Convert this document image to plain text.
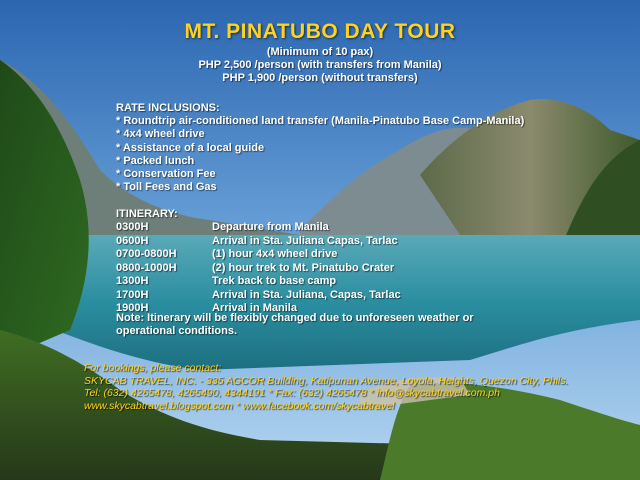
MT. PINATUBO DAY TOUR
(Minimum of 10 pax)
PHP 2,500 /person (with transfers from Manila)
PHP 1,900 /person (without transfers)
RATE INCLUSIONS:
* Roundtrip air-conditioned land transfer (Manila-Pinatubo Base Camp-Manila)
* 4x4 wheel drive
* Assistance of a local guide
* Packed lunch
* Conservation Fee
* Toll Fees and Gas
ITINERARY:
0300H	Departure from Manila
0600H	Arrival in Sta. Juliana Capas, Tarlac
0700-0800H	(1) hour 4x4 wheel drive
0800-1000H	(2) hour trek to Mt. Pinatubo Crater
1300H	Trek back to base camp
1700H	Arrival in Sta. Juliana, Capas, Tarlac
1900H	Arrival in Manila
Note: Itinerary will be flexibly changed due to unforeseen weather or
operational conditions.
For bookings, please contact:
SKYCAB TRAVEL, INC. - 335 AGCOR Building, Katipunan Avenue, Loyola, Heights, Quezon City, Phils.
Tel: (632) 4265478, 4265490, 4344191 * Fax: (632) 4265478 * info@skycabtravel.com.ph
www.skycabtravel.blogspot.com * www.facebook.com/skycabtravel
